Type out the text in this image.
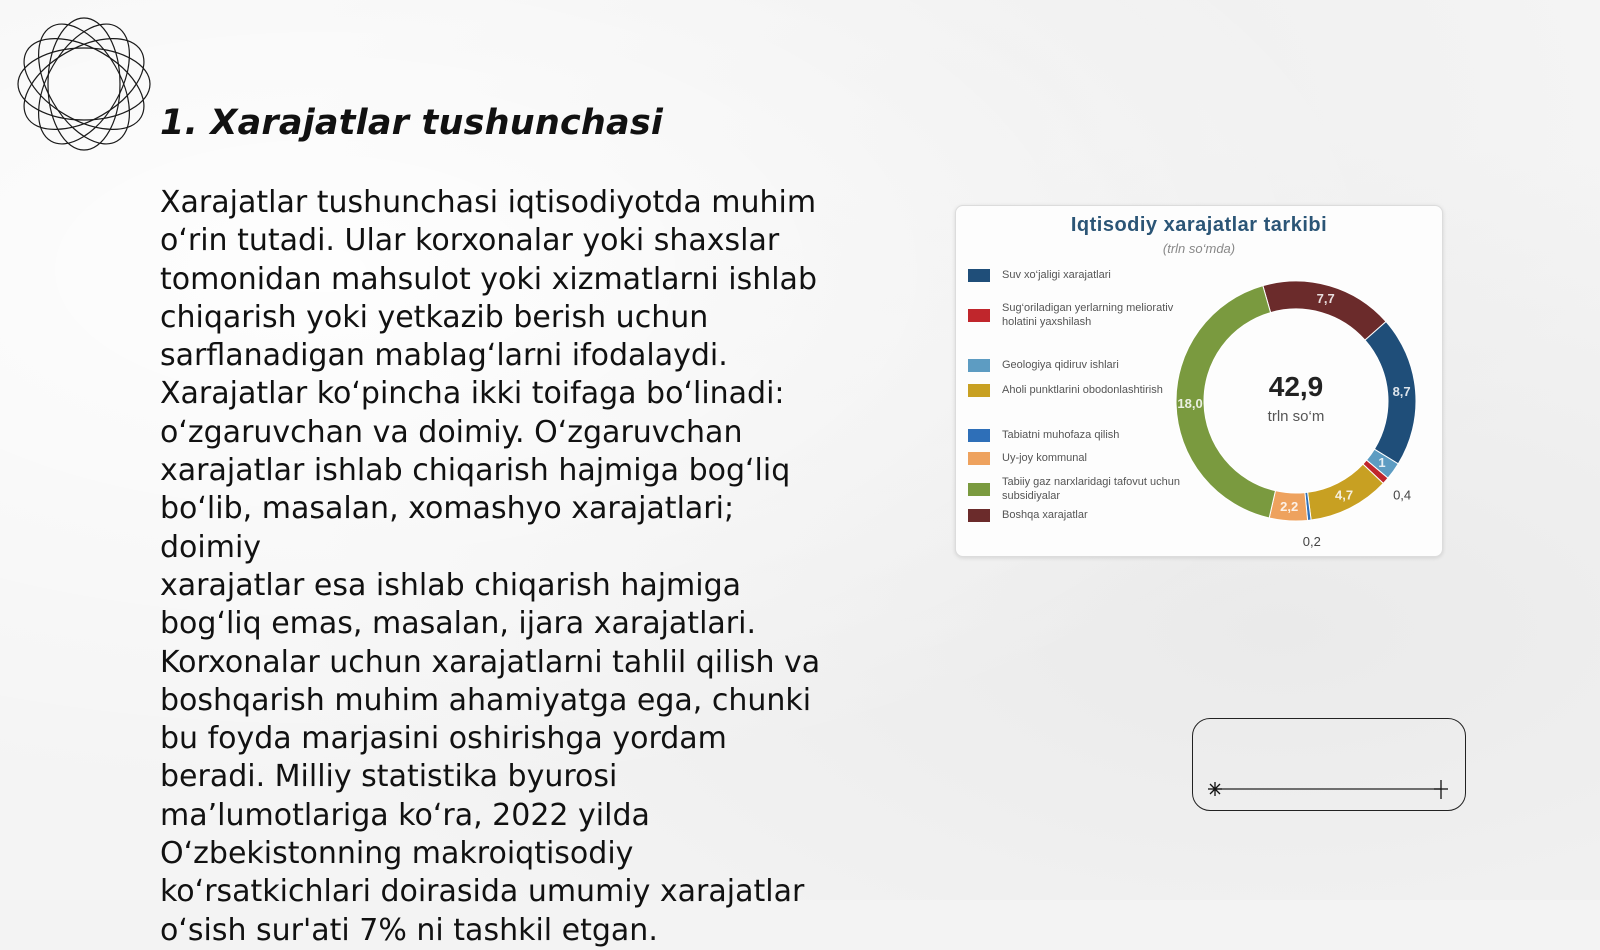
1. Xarajatlar tushunchasi

Xarajatlar tushunchasi iqtisodiyotda muhim
o‘rin tutadi. Ular korxonalar yoki shaxslar
tomonidan mahsulot yoki xizmatlarni ishlab
chiqarish yoki yetkazib berish uchun
sarflanadigan mablag‘larni ifodalaydi.
Xarajatlar ko‘pincha ikki toifaga bo‘linadi:
o‘zgaruvchan va doimiy. O‘zgaruvchan
xarajatlar ishlab chiqarish hajmiga bog‘liq
bo‘lib, masalan, xomashyo xarajatlari; doimiy
xarajatlar esa ishlab chiqarish hajmiga
bog‘liq emas, masalan, ijara xarajatlari.
Korxonalar uchun xarajatlarni tahlil qilish va
boshqarish muhim ahamiyatga ega, chunki
bu foyda marjasini oshirishga yordam
beradi. Milliy statistika byurosi
ma’lumotlariga ko‘ra, 2022 yilda
O‘zbekistonning makroiqtisodiy
ko‘rsatkichlari doirasida umumiy xarajatlar
o‘sish sur'ati 7% ni tashkil etgan.

Iqtisodiy xarajatlar tarkibi
(trln so‘mda)
Suv xo‘jaligi xarajatlari
Sug‘oriladigan yerlarning meliorativ holatini yaxshilash
Geologiya qidiruv ishlari
Aholi punktlarini obodonlashtirish
Tabiatni muhofaza qilish
Uy-joy kommunal
Tabiiy gaz narxlaridagi tafovut uchun subsidiyalar
Boshqa xarajatlar
7,7
8,7
1
0,4
4,7
0,2
2,2
18,0
42,9
trln so‘m
